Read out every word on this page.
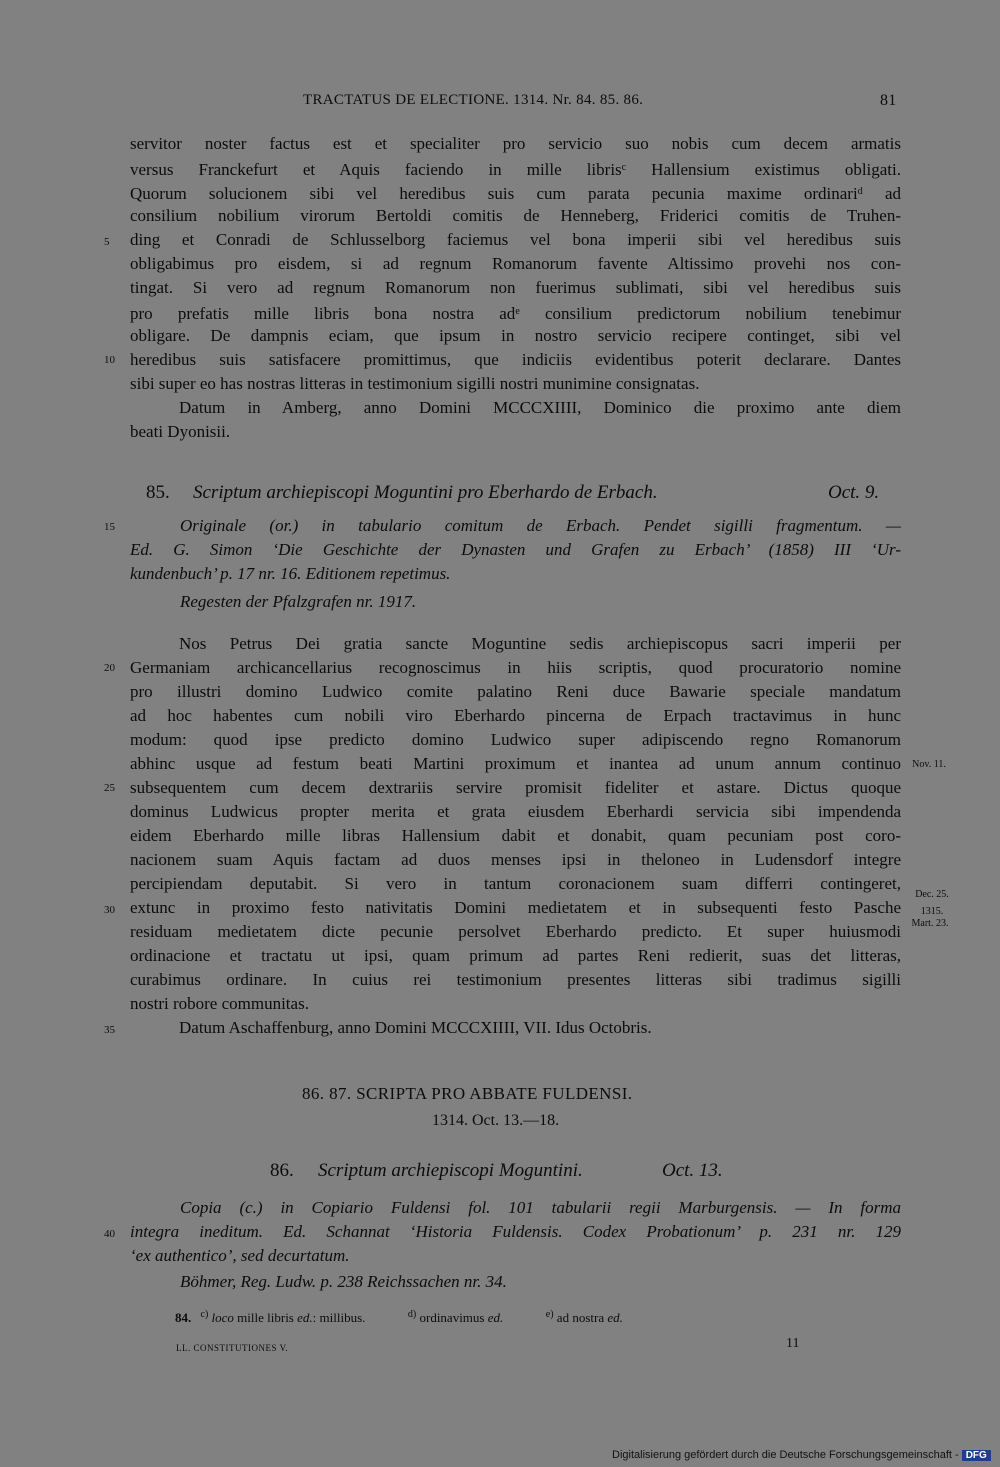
TRACTATUS DE ELECTIONE. 1314. Nr. 84. 85. 86.	81
5
10
15
20
25
30
35
40
servitor noster factus est et specialiter pro servicio suo nobis cum decem armatis
versus Franckefurt et Aquis faciendo in mille libris$^c$ Hallensium existimus obligati.
Quorum solucionem sibi vel heredibus suis cum parata pecunia maxime ordinari$^d$ ad
consilium nobilium virorum Bertoldi comitis de Henneberg, Friderici comitis de Truhen-
ding et Conradi de Schlusselborg faciemus vel bona imperii sibi vel heredibus suis
obligabimus pro eisdem, si ad regnum Romanorum favente Altissimo provehi nos con-
tingat. Si vero ad regnum Romanorum non fuerimus sublimati, sibi vel heredibus suis
pro prefatis mille libris bona nostra $ad^e$ consilium predictorum nobilium tenebimur
obligare. De dampnis eciam, que ipsum in nostro servicio recipere continget, sibi vel
heredibus suis satisfacere promittimus, que indiciis evidentibus poterit declarare. Dantes
sibi super eo has nostras litteras in testimonium sigilli nostri munimine consignatas.
Datum in Amberg, anno Domini MCCCXIIII, Dominico die proximo ante diem
beati Dyonisii.
85. Scriptum archiepiscopi Moguntini pro Eberhardo de Erbach.	Oct. 9.
Originale (or.) in tabulario comitum de Erbach. Pendet sigilli fragmentum. —
Ed. G. Simon ‘Die Geschichte der Dynasten und Grafen zu Erbach’ (1858) III ‘Ur-
kundenbuch’ p. 17 nr. 16. Editionem repetimus.
Regesten der Pfalzgrafen nr. 1917.
Nos Petrus Dei gratia sancte Moguntine sedis archiepiscopus sacri imperii per
Germaniam archicancellarius recognoscimus in hiis scriptis, quod procuratorio nomine
pro illustri domino Ludwico comite palatino Reni duce Bawarie speciale mandatum
ad hoc habentes cum nobili viro Eberhardo pincerna de Erpach tractavimus in hunc
modum: quod ipse predicto domino Ludwico super adipiscendo regno Romanorum
abhinc usque ad festum beati Martini proximum et inantea ad unum annum continuo
subsequentem cum decem dextrariis servire promisit fideliter et astare. Dictus quoque
dominus Ludwicus propter merita et grata eiusdem Eberhardi servicia sibi impendenda
eidem Eberhardo mille libras Hallensium dabit et donabit, quam pecuniam post coro-
nacionem suam Aquis factam ad duos menses ipsi in theloneo in Ludensdorf integre
percipiendam deputabit. Si vero in tantum coronacionem suam differri contingeret,
extunc in proximo festo nativitatis Domini medietatem et in subsequenti festo Pasche
residuam medietatem dicte pecunie persolvet Eberhardo predicto. Et super huiusmodi
ordinacione et tractatu ut ipsi, quam primum ad partes Reni redierit, suas det litteras,
curabimus ordinare. In cuius rei testimonium presentes litteras sibi tradimus sigilli
nostri robore communitas.
Datum Aschaffenburg, anno Domini MCCCXIIII, VII. Idus Octobris.
Nov. 11.
Dec. 25.
1315.
Mart. 23.
86. 87. SCRIPTA PRO ABBATE FULDENSI.
1314. Oct. 13.—18.
86. Scriptum archiepiscopi Moguntini.	Oct. 13.
Copia (c.) in Copiario Fuldensi fol. 101 tabularii regii Marburgensis. — In forma
integra ineditum. Ed. Schannat ‘Historia Fuldensis. Codex Probationum’ p. 231 nr. 129
‘ex authentico’, sed decurtatum.
Böhmer, Reg. Ludw. p. 238 Reichssachen nr. 34.
84. $^{c)}$ loco mille libris ed.: millibus.	$^{d)}$ ordinavimus ed.	$^{e)}$ ad nostra ed.
LL. CONSTITUTIONES V.	11
Digitalisierung gefördert durch die Deutsche Forschungsgemeinschaft - DFG
